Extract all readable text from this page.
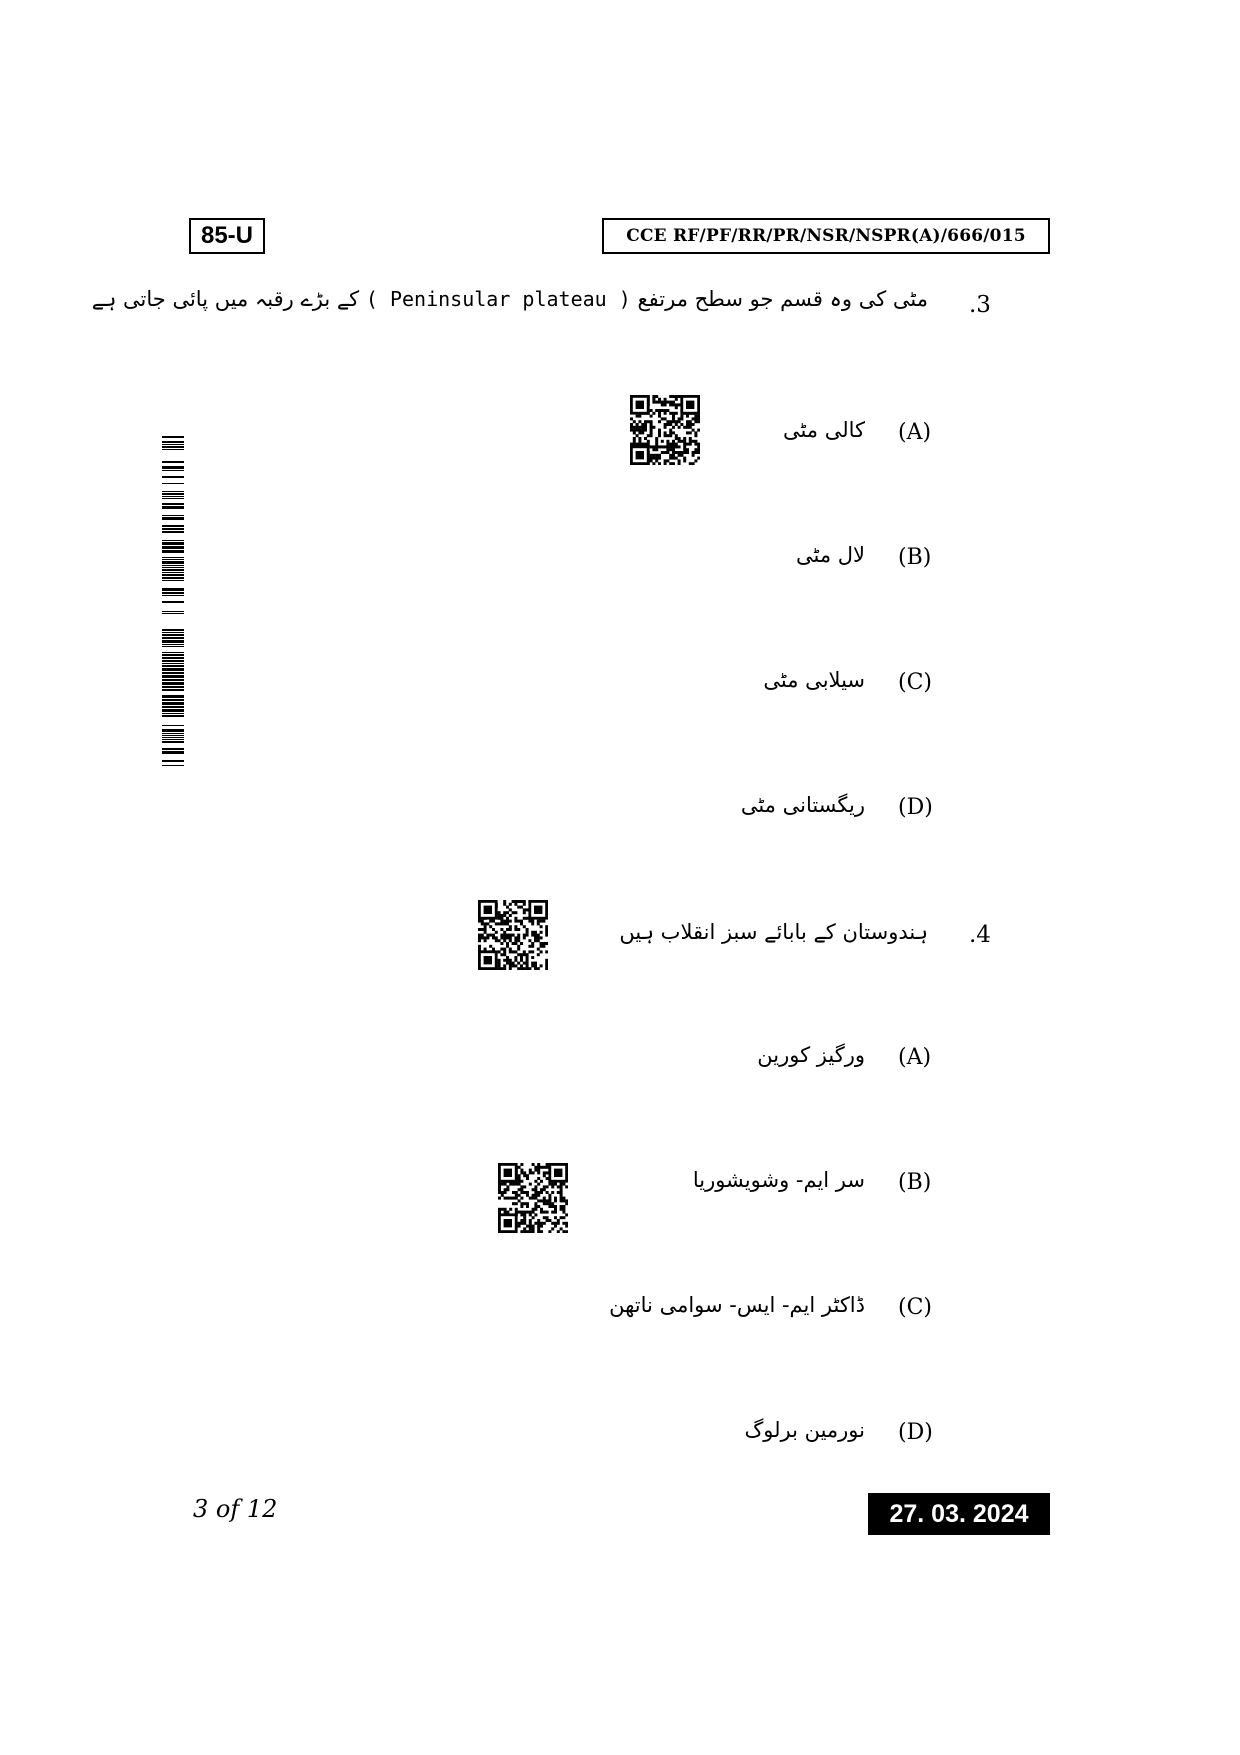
85-U	CCE RF/PF/RR/PR/NSR/NSPR(A)/666/015
.3
مٹی کی وہ قسم جو سطح مرتفع ( Peninsular plateau ) کے بڑے رقبہ میں پائی جاتی ہے
(A)
کالی مٹی
(B)
لال مٹی
(C)
سیلابی مٹی
(D)
ریگستانی مٹی
.4
ہندوستان کے بابائے سبز انقلاب ہیں
(A)
ورگیز کورین
(B)
سر ایم- وشویشوریا
(C)
ڈاکٹر ایم- ایس- سوامی ناتھن
(D)
نورمین برلوگ
3 of 12	27. 03. 2024
